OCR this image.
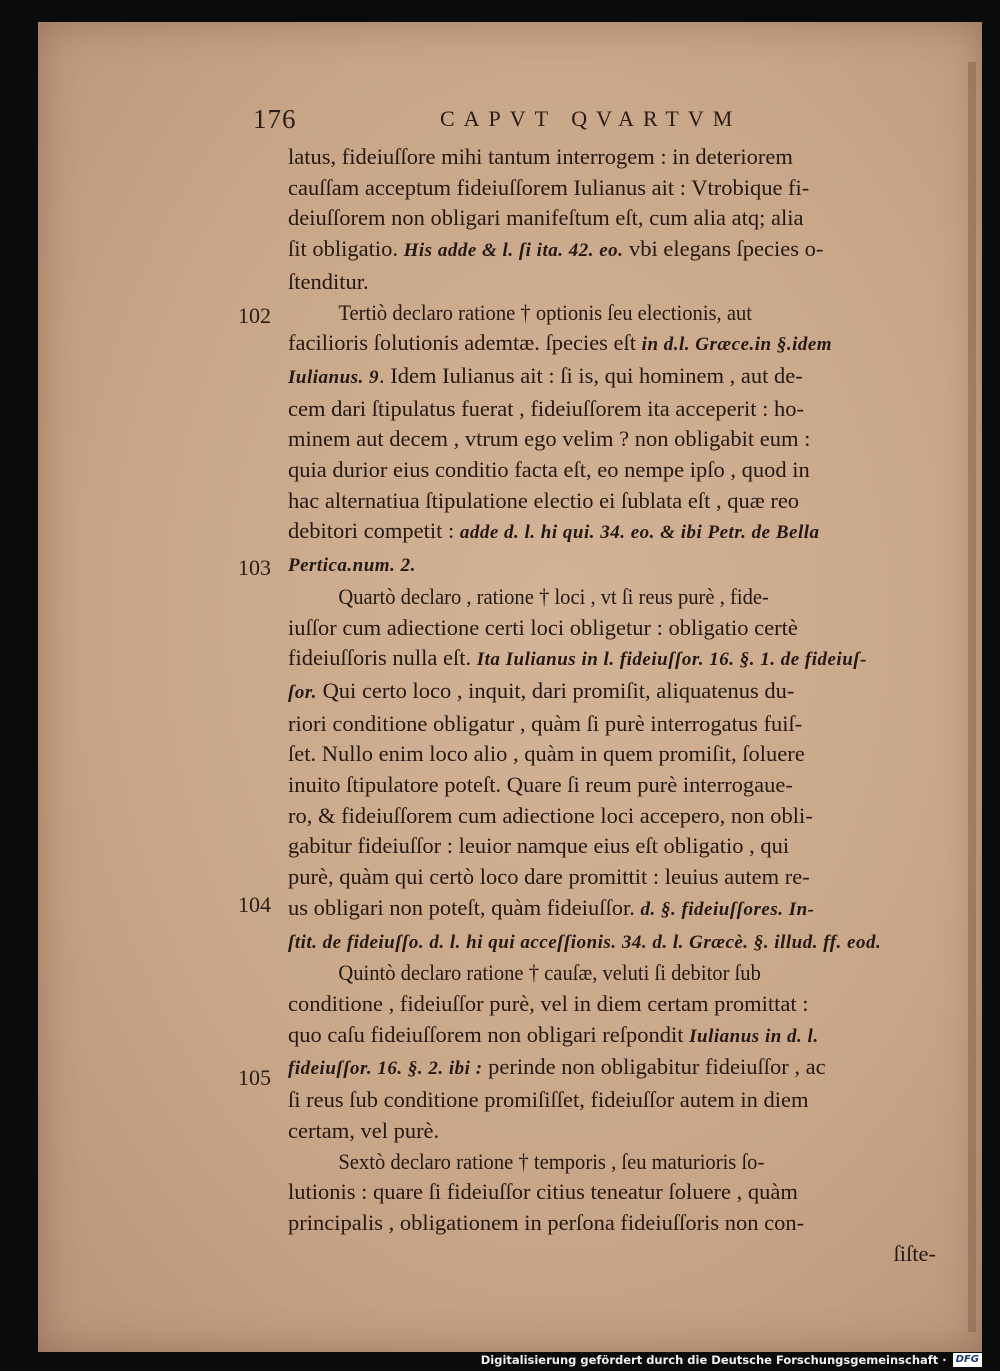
176	CAPVT QVARTVM
102
103
104
105
latus, fideiuſſore mihi tantum interrogem : in deteriorem
cauſſam acceptum fideiuſſorem Iulianus ait : Vtrobique fi-
deiuſſorem non obligari manifeſtum eſt, cum alia atq; alia
ſit obligatio. His adde & l. ſi ita. 42. eo. vbi elegans ſpecies o-
ſtenditur.
Tertiò declaro ratione † optionis ſeu electionis, aut
facilioris ſolutionis ademtæ. ſpecies eſt in d.l. Græce.in §.idem
Iulianus. 9. Idem Iulianus ait : ſi is, qui hominem , aut de-
cem dari ſtipulatus fuerat , fideiuſſorem ita acceperit : ho-
minem aut decem , vtrum ego velim ? non obligabit eum :
quia durior eius conditio facta eſt, eo nempe ipſo , quod in
hac alternatiua ſtipulatione electio ei ſublata eſt , quæ reo
debitori competit : adde d. l. hi qui. 34. eo. & ibi Petr. de Bella
Pertica.num. 2.
Quartò declaro , ratione † loci , vt ſi reus purè , fide-
iuſſor cum adiectione certi loci obligetur : obligatio certè
fideiuſſoris nulla eſt. Ita Iulianus in l. fideiuſſor. 16. §. 1. de fideiuſ-
ſor. Qui certo loco , inquit, dari promiſit, aliquatenus du-
riori conditione obligatur , quàm ſi purè interrogatus fuiſ-
ſet. Nullo enim loco alio , quàm in quem promiſit, ſoluere
inuito ſtipulatore poteſt. Quare ſi reum purè interrogaue-
ro, & fideiuſſorem cum adiectione loci accepero, non obli-
gabitur fideiuſſor : leuior namque eius eſt obligatio , qui
purè, quàm qui certò loco dare promittit : leuius autem re-
us obligari non poteſt, quàm fideiuſſor. d. §. fideiuſſores. In-
ſtit. de fideiuſſo. d. l. hi qui acceſſionis. 34. d. l. Græcè. §. illud. ff. eod.
Quintò declaro ratione † cauſæ, veluti ſi debitor ſub
conditione , fideiuſſor purè, vel in diem certam promittat :
quo caſu fideiuſſorem non obligari reſpondit Iulianus in d. l.
fideiuſſor. 16. §. 2. ibi : perinde non obligabitur fideiuſſor , ac
ſi reus ſub conditione promiſiſſet, fideiuſſor autem in diem
certam, vel purè.
Sextò declaro ratione † temporis , ſeu maturioris ſo-
lutionis : quare ſi fideiuſſor citius teneatur ſoluere , quàm
principalis , obligationem in perſona fideiuſſoris non con-
ſiſte-
Digitalisierung gefördert durch die Deutsche Forschungsgemeinschaft · DFG
